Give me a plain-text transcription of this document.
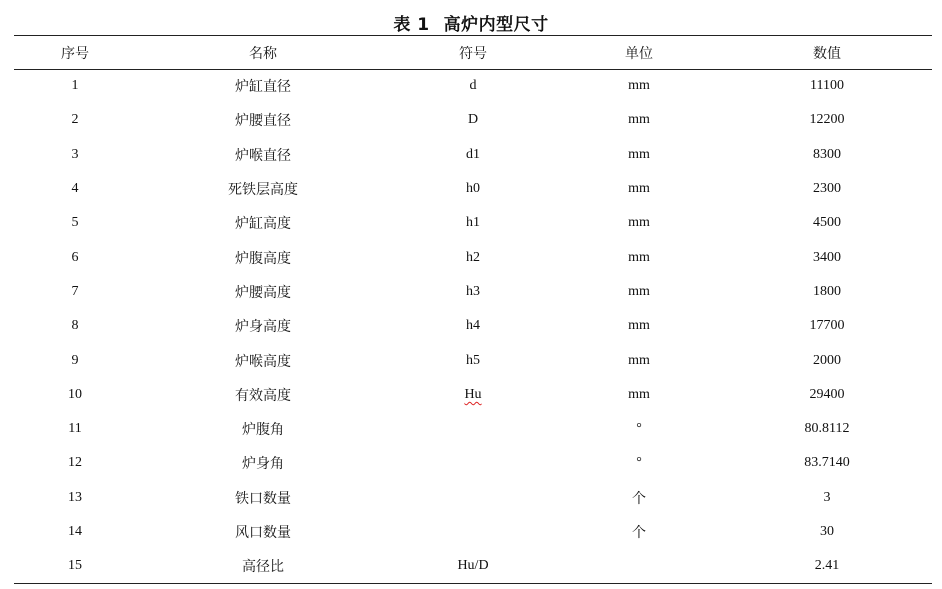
表 1 高炉内型尺寸
序号	名称	符号	单位	数值
1	炉缸直径	d	mm	11100
2	炉腰直径	D	mm	12200
3	炉喉直径	d1	mm	8300
4	死铁层高度	h0	mm	2300
5	炉缸高度	h1	mm	4500
6	炉腹高度	h2	mm	3400
7	炉腰高度	h3	mm	1800
8	炉身高度	h4	mm	17700
9	炉喉高度	h5	mm	2000
10	有效高度	Hu	mm	29400
11	炉腹角		°	80.8112
12	炉身角		°	83.7140
13	铁口数量		个	3
14	风口数量		个	30
15	高径比	Hu/D		2.41
